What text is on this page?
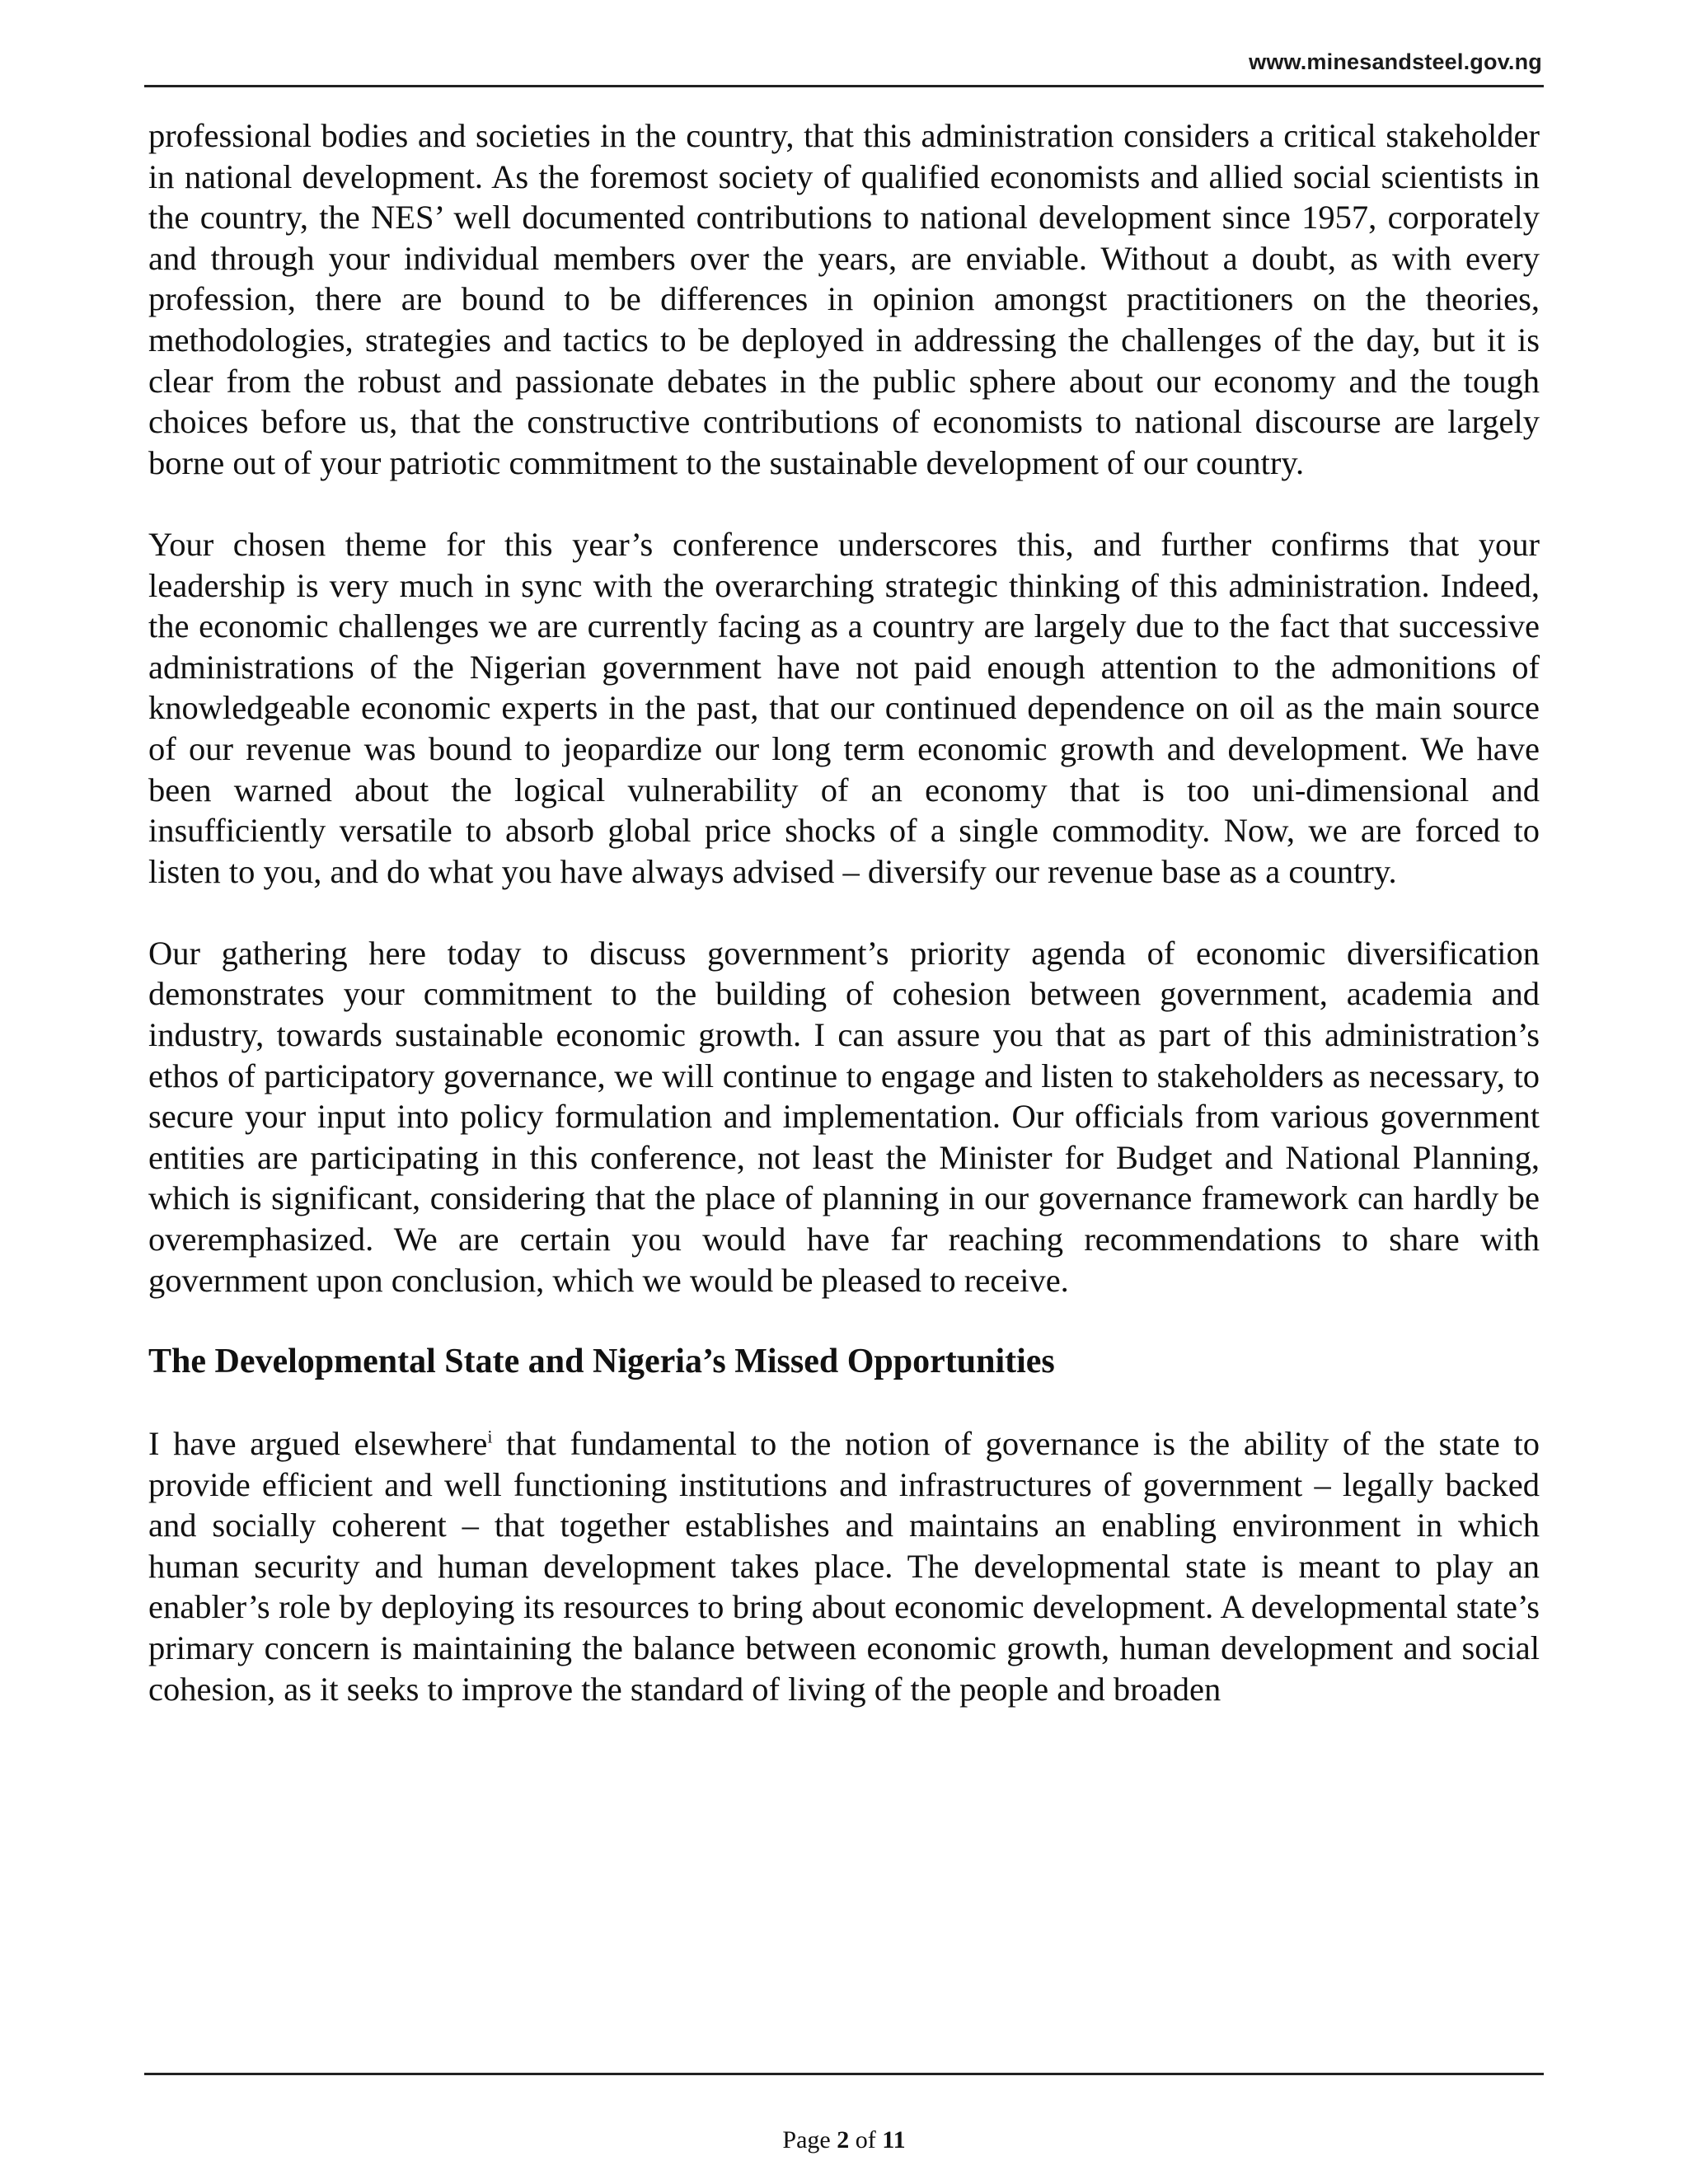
www.minesandsteel.gov.ng

professional bodies and societies in the country, that this administration considers a critical stakeholder in national development. As the foremost society of qualified economists and allied social scientists in the country, the NES’ well documented contributions to national development since 1957, corporately and through your individual members over the years, are enviable. Without a doubt, as with every profession, there are bound to be differences in opinion amongst practitioners on the theories, methodologies, strategies and tactics to be deployed in addressing the challenges of the day, but it is clear from the robust and passionate debates in the public sphere about our economy and the tough choices before us, that the constructive contributions of economists to national discourse are largely borne out of your patriotic commitment to the sustainable development of our country.

Your chosen theme for this year’s conference underscores this, and further confirms that your leadership is very much in sync with the overarching strategic thinking of this administration. Indeed, the economic challenges we are currently facing as a country are largely due to the fact that successive administrations of the Nigerian government have not paid enough attention to the admonitions of knowledgeable economic experts in the past, that our continued dependence on oil as the main source of our revenue was bound to jeopardize our long term economic growth and development. We have been warned about the logical vulnerability of an economy that is too uni-dimensional and insufficiently versatile to absorb global price shocks of a single commodity. Now, we are forced to listen to you, and do what you have always advised – diversify our revenue base as a country.

Our gathering here today to discuss government’s priority agenda of economic diversification demonstrates your commitment to the building of cohesion between government, academia and industry, towards sustainable economic growth. I can assure you that as part of this administration’s ethos of participatory governance, we will continue to engage and listen to stakeholders as necessary, to secure your input into policy formulation and implementation. Our officials from various government entities are participating in this conference, not least the Minister for Budget and National Planning, which is significant, considering that the place of planning in our governance framework can hardly be overemphasized. We are certain you would have far reaching recommendations to share with government upon conclusion, which we would be pleased to receive.

The Developmental State and Nigeria’s Missed Opportunities

I have argued elsewhere$^i$ that fundamental to the notion of governance is the ability of the state to provide efficient and well functioning institutions and infrastructures of government – legally backed and socially coherent – that together establishes and maintains an enabling environment in which human security and human development takes place. The developmental state is meant to play an enabler’s role by deploying its resources to bring about economic development. A developmental state’s primary concern is maintaining the balance between economic growth, human development and social cohesion, as it seeks to improve the standard of living of the people and broaden

Page 2 of 11
